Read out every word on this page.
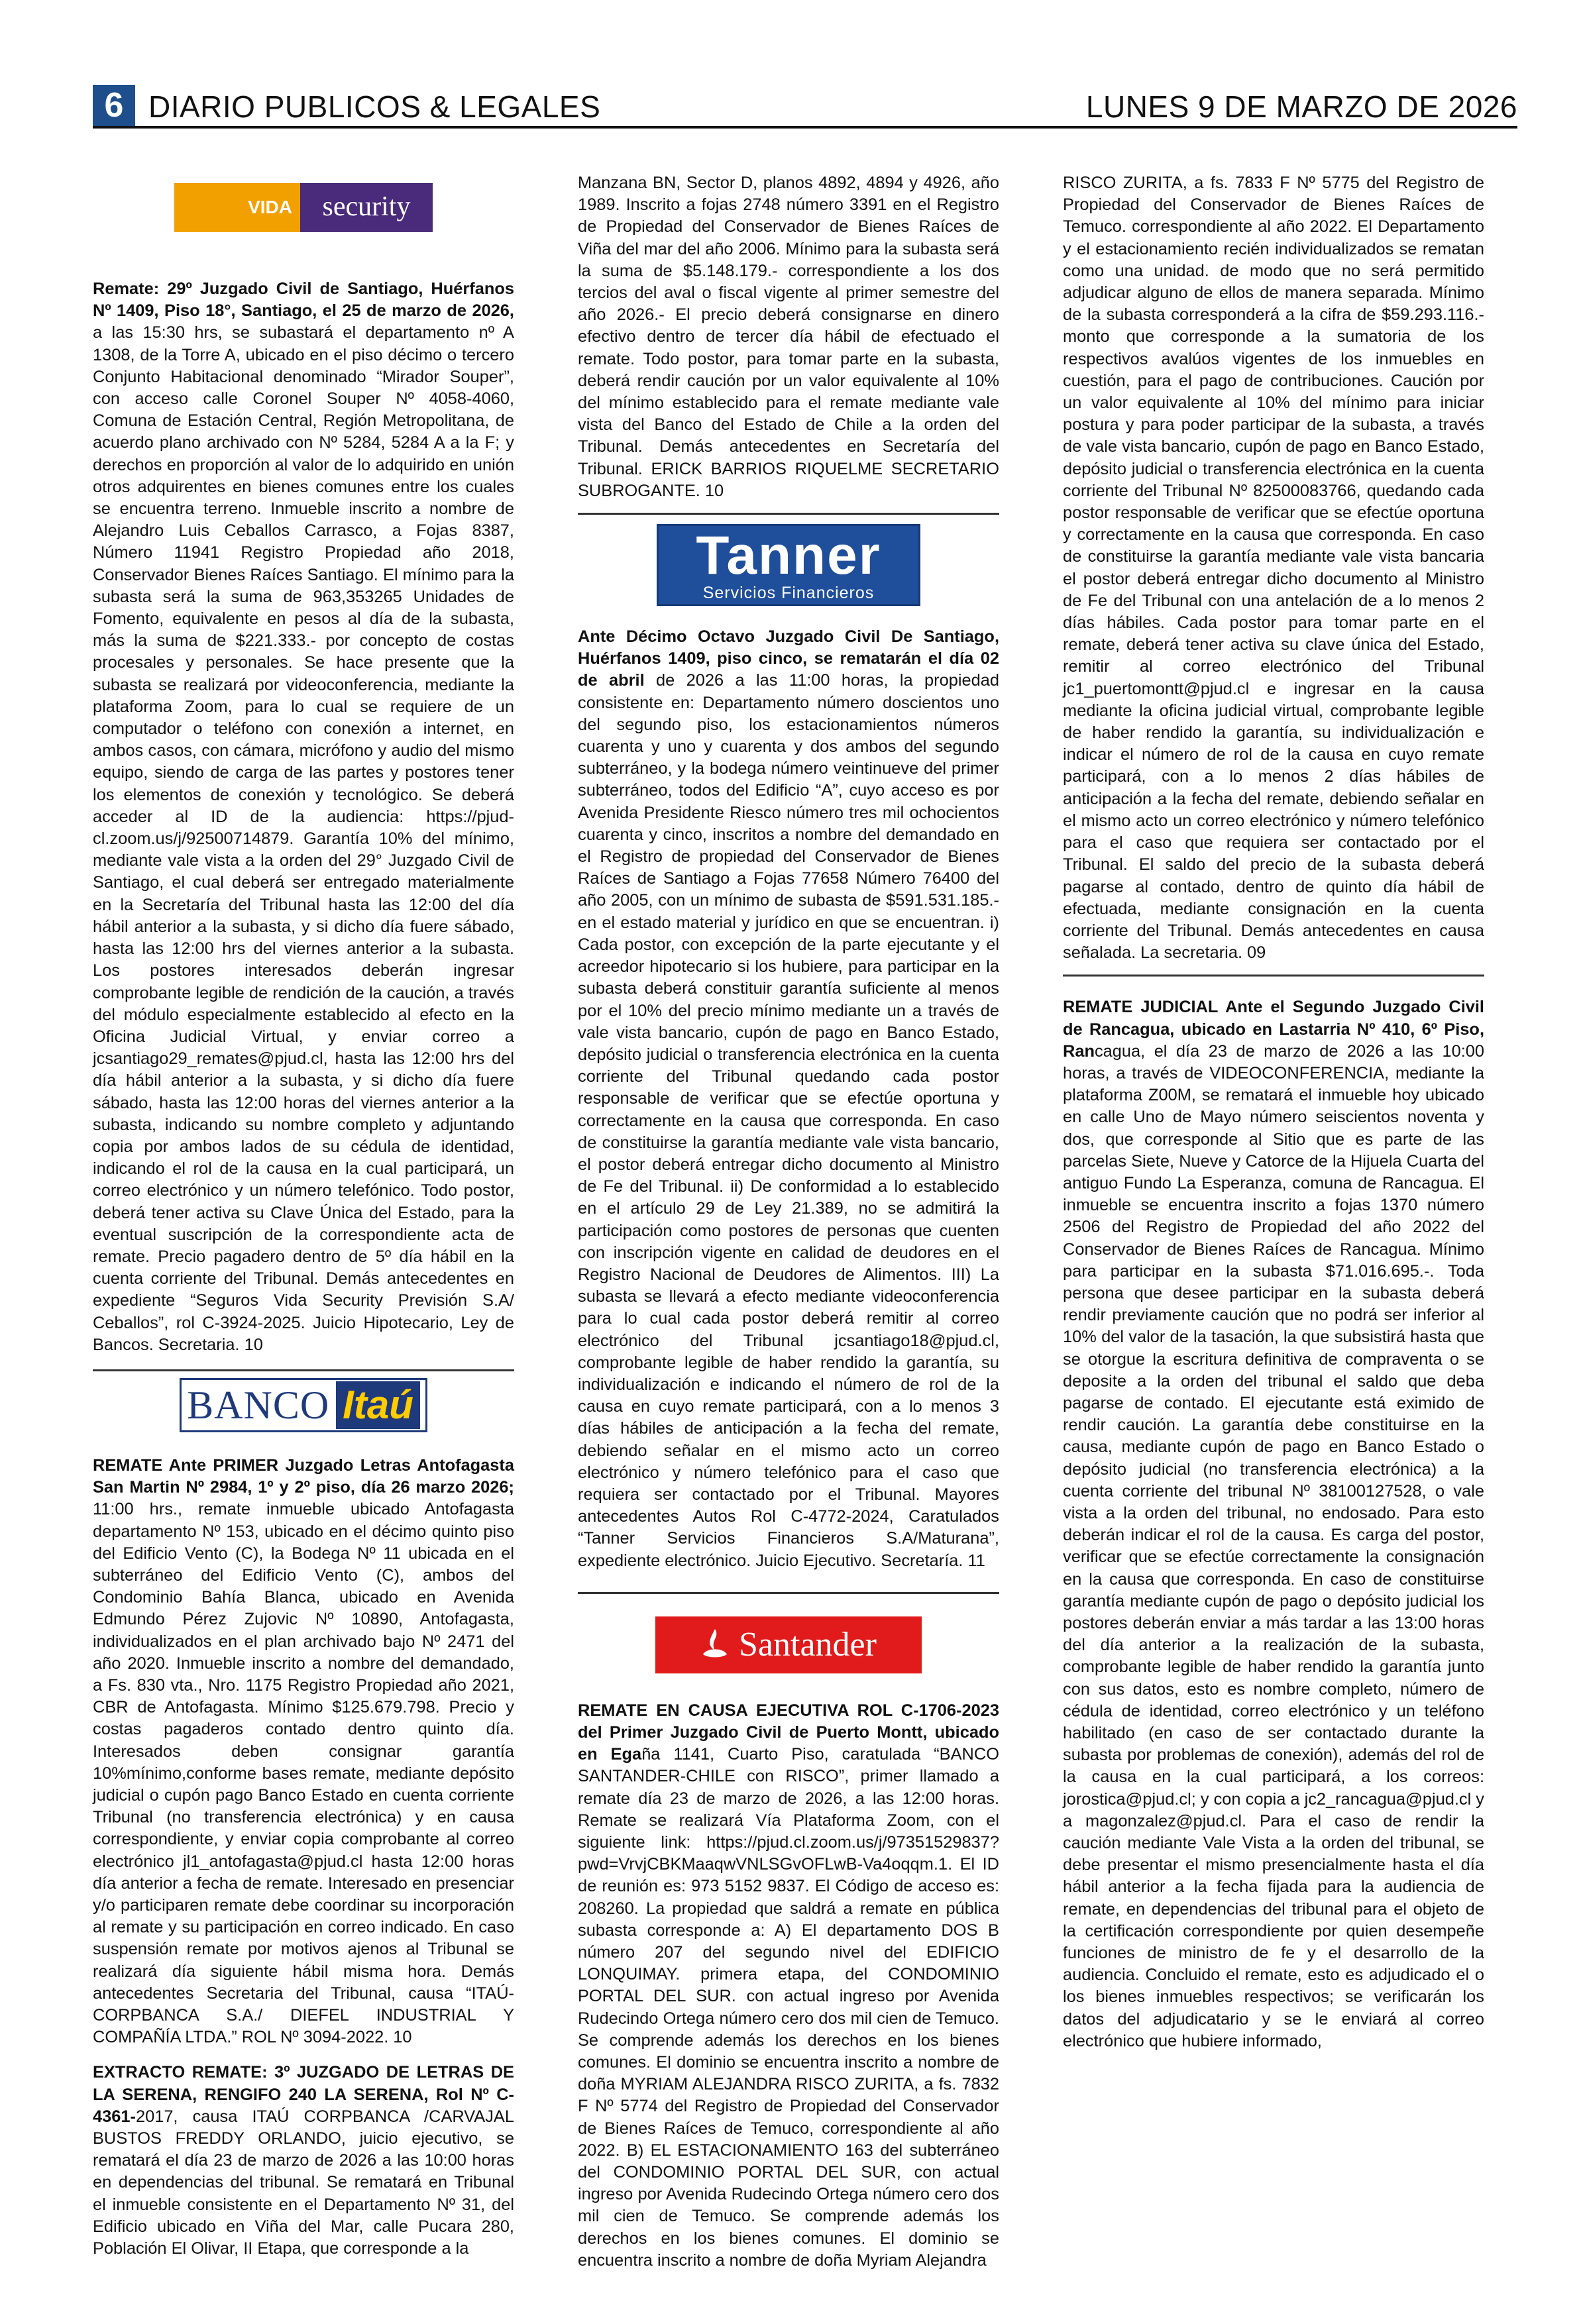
6 DIARIO PUBLICOS & LEGALES	LUNES 9 DE MARZO DE 2026
VIDA	security

Remate: 29º Juzgado Civil de Santiago, Huérfanos Nº 1409, Piso 18°, Santiago, el 25 de marzo de 2026, a las 15:30 hrs, se subastará el departamento nº A 1308, de la Torre A, ubicado en el piso décimo o tercero Conjunto Habitacional denominado “Mirador Souper”, con acceso calle Coronel Souper Nº 4058-4060, Comuna de Estación Central, Región Metropolitana, de acuerdo plano archivado con Nº 5284, 5284 A a la F; y derechos en proporción al valor de lo adquirido en unión otros adquirentes en bienes comunes entre los cuales se encuentra terreno. Inmueble inscrito a nombre de Alejandro Luis Ceballos Carrasco, a Fojas 8387, Número 11941 Registro Propiedad año 2018, Conservador Bienes Raíces Santiago. El mínimo para la subasta será la suma de 963,353265 Unidades de Fomento, equivalente en pesos al día de la subasta, más la suma de $221.333.- por concepto de costas procesales y personales. Se hace presente que la subasta se realizará por videoconferencia, mediante la plataforma Zoom, para lo cual se requiere de un computador o teléfono con conexión a internet, en ambos casos, con cámara, micrófono y audio del mismo equipo, siendo de carga de las partes y postores tener los elementos de conexión y tecnológico. Se deberá acceder al ID de la audiencia: https://pjud-cl.zoom.us/j/92500714879. Garantía 10% del mínimo, mediante vale vista a la orden del 29° Juzgado Civil de Santiago, el cual deberá ser entregado materialmente en la Secretaría del Tribunal hasta las 12:00 del día hábil anterior a la subasta, y si dicho día fuere sábado, hasta las 12:00 hrs del viernes anterior a la subasta. Los postores interesados deberán ingresar comprobante legible de rendición de la caución, a través del módulo especialmente establecido al efecto en la Oficina Judicial Virtual, y enviar correo a jcsantiago29_remates@pjud.cl, hasta las 12:00 hrs del día hábil anterior a la subasta, y si dicho día fuere sábado, hasta las 12:00 horas del viernes anterior a la subasta, indicando su nombre completo y adjuntando copia por ambos lados de su cédula de identidad, indicando el rol de la causa en la cual participará, un correo electrónico y un número telefónico. Todo postor, deberá tener activa su Clave Única del Estado, para la eventual suscripción de la correspondiente acta de remate. Precio pagadero dentro de 5º día hábil en la cuenta corriente del Tribunal. Demás antecedentes en expediente “Seguros Vida Security Previsión S.A/ Ceballos”, rol C-3924-2025. Juicio Hipotecario, Ley de Bancos. Secretaria. 10

BANCO Itaú

REMATE Ante PRIMER Juzgado Letras Antofagasta San Martin Nº 2984, 1º y 2º piso, día 26 marzo 2026; 11:00 hrs., remate inmueble ubicado Antofagasta departamento Nº 153, ubicado en el décimo quinto piso del Edificio Vento (C), la Bodega Nº 11 ubicada en el subterráneo del Edificio Vento (C), ambos del Condominio Bahía Blanca, ubicado en Avenida Edmundo Pérez Zujovic Nº 10890, Antofagasta, individualizados en el plan archivado bajo Nº 2471 del año 2020. Inmueble inscrito a nombre del demandado, a Fs. 830 vta., Nro. 1175 Registro Propiedad año 2021, CBR de Antofagasta. Mínimo $125.679.798. Precio y costas pagaderos contado dentro quinto día. Interesados deben consignar garantía 10%mínimo,conforme bases remate, mediante depósito judicial o cupón pago Banco Estado en cuenta corriente Tribunal (no transferencia electrónica) y en causa correspondiente, y enviar copia comprobante al correo electrónico jl1_antofagasta@pjud.cl hasta 12:00 horas día anterior a fecha de remate. Interesado en presenciar y/o participaren remate debe coordinar su incorporación al remate y su participación en correo indicado. En caso suspensión remate por motivos ajenos al Tribunal se realizará día siguiente hábil misma hora. Demás antecedentes Secretaria del Tribunal, causa “ITAÚ-CORPBANCA S.A./ DIEFEL INDUSTRIAL Y COMPAÑÍA LTDA.” ROL Nº 3094-2022. 10

EXTRACTO REMATE: 3º JUZGADO DE LETRAS DE LA SERENA, RENGIFO 240 LA SERENA, Rol Nº C-4361-2017, causa ITAÚ CORPBANCA /CARVAJAL BUSTOS FREDDY ORLANDO, juicio ejecutivo, se rematará el día 23 de marzo de 2026 a las 10:00 horas en dependencias del tribunal. Se rematará en Tribunal el inmueble consistente en el Departamento Nº 31, del Edificio ubicado en Viña del Mar, calle Pucara 280, Población El Olivar, II Etapa, que corresponde a la

Manzana BN, Sector D, planos 4892, 4894 y 4926, año 1989. Inscrito a fojas 2748 número 3391 en el Registro de Propiedad del Conservador de Bienes Raíces de Viña del mar del año 2006. Mínimo para la subasta será la suma de $5.148.179.- correspondiente a los dos tercios del aval o fiscal vigente al primer semestre del año 2026.- El precio deberá consignarse en dinero efectivo dentro de tercer día hábil de efectuado el remate. Todo postor, para tomar parte en la subasta, deberá rendir caución por un valor equivalente al 10% del mínimo establecido para el remate mediante vale vista del Banco del Estado de Chile a la orden del Tribunal. Demás antecedentes en Secretaría del Tribunal. ERICK BARRIOS RIQUELME SECRETARIO SUBROGANTE. 10

Tanner
Servicios Financieros

Ante Décimo Octavo Juzgado Civil De Santiago, Huérfanos 1409, piso cinco, se rematarán el día 02 de abril de 2026 a las 11:00 horas, la propiedad consistente en: Departamento número doscientos uno del segundo piso, los estacionamientos números cuarenta y uno y cuarenta y dos ambos del segundo subterráneo, y la bodega número veintinueve del primer subterráneo, todos del Edificio “A”, cuyo acceso es por Avenida Presidente Riesco número tres mil ochocientos cuarenta y cinco, inscritos a nombre del demandado en el Registro de propiedad del Conservador de Bienes Raíces de Santiago a Fojas 77658 Número 76400 del año 2005, con un mínimo de subasta de $591.531.185.- en el estado material y jurídico en que se encuentran. i) Cada postor, con excepción de la parte ejecutante y el acreedor hipotecario si los hubiere, para participar en la subasta deberá constituir garantía suficiente al menos por el 10% del precio mínimo mediante un a través de vale vista bancario, cupón de pago en Banco Estado, depósito judicial o transferencia electrónica en la cuenta corriente del Tribunal quedando cada postor responsable de verificar que se efectúe oportuna y correctamente en la causa que corresponda. En caso de constituirse la garantía mediante vale vista bancario, el postor deberá entregar dicho documento al Ministro de Fe del Tribunal. ii) De conformidad a lo establecido en el artículo 29 de Ley 21.389, no se admitirá la participación como postores de personas que cuenten con inscripción vigente en calidad de deudores en el Registro Nacional de Deudores de Alimentos. III) La subasta se llevará a efecto mediante videoconferencia para lo cual cada postor deberá remitir al correo electrónico del Tribunal jcsantiago18@pjud.cl, comprobante legible de haber rendido la garantía, su individualización e indicando el número de rol de la causa en cuyo remate participará, con a lo menos 3 días hábiles de anticipación a la fecha del remate, debiendo señalar en el mismo acto un correo electrónico y número telefónico para el caso que requiera ser contactado por el Tribunal. Mayores antecedentes Autos Rol C-4772-2024, Caratulados “Tanner Servicios Financieros S.A/Maturana”, expediente electrónico. Juicio Ejecutivo. Secretaría. 11

Santander

REMATE EN CAUSA EJECUTIVA ROL C-1706-2023 del Primer Juzgado Civil de Puerto Montt, ubicado en Egaña 1141, Cuarto Piso, caratulada “BANCO SANTANDER-CHILE con RISCO”, primer llamado a remate día 23 de marzo de 2026, a las 12:00 horas. Remate se realizará Vía Plataforma Zoom, con el siguiente link: https://pjud.cl.zoom.us/j/97351529837?pwd=VrvjCBKMaaqwVNLSGvOFLwB-Va4oqqm.1. El ID de reunión es: 973 5152 9837. El Código de acceso es: 208260. La propiedad que saldrá a remate en pública subasta corresponde a: A) El departamento DOS B número 207 del segundo nivel del EDIFICIO LONQUIMAY. primera etapa, del CONDOMINIO PORTAL DEL SUR. con actual ingreso por Avenida Rudecindo Ortega número cero dos mil cien de Temuco. Se comprende además los derechos en los bienes comunes. El dominio se encuentra inscrito a nombre de doña MYRIAM ALEJANDRA RISCO ZURITA, a fs. 7832 F Nº 5774 del Registro de Propiedad del Conservador de Bienes Raíces de Temuco, correspondiente al año 2022. B) EL ESTACIONAMIENTO 163 del subterráneo del CONDOMINIO PORTAL DEL SUR, con actual ingreso por Avenida Rudecindo Ortega número cero dos mil cien de Temuco. Se comprende además los derechos en los bienes comunes. El dominio se encuentra inscrito a nombre de doña Myriam Alejandra

RISCO ZURITA, a fs. 7833 F Nº 5775 del Registro de Propiedad del Conservador de Bienes Raíces de Temuco. correspondiente al año 2022. El Departamento y el estacionamiento recién individualizados se rematan como una unidad. de modo que no será permitido adjudicar alguno de ellos de manera separada. Mínimo de la subasta corresponderá a la cifra de $59.293.116.-monto que corresponde a la sumatoria de los respectivos avalúos vigentes de los inmuebles en cuestión, para el pago de contribuciones. Caución por un valor equivalente al 10% del mínimo para iniciar postura y para poder participar de la subasta, a través de vale vista bancario, cupón de pago en Banco Estado, depósito judicial o transferencia electrónica en la cuenta corriente del Tribunal Nº 82500083766, quedando cada postor responsable de verificar que se efectúe oportuna y correctamente en la causa que corresponda. En caso de constituirse la garantía mediante vale vista bancaria el postor deberá entregar dicho documento al Ministro de Fe del Tribunal con una antelación de a lo menos 2 días hábiles. Cada postor para tomar parte en el remate, deberá tener activa su clave única del Estado, remitir al correo electrónico del Tribunal jc1_puertomontt@pjud.cl e ingresar en la causa mediante la oficina judicial virtual, comprobante legible de haber rendido la garantía, su individualización e indicar el número de rol de la causa en cuyo remate participará, con a lo menos 2 días hábiles de anticipación a la fecha del remate, debiendo señalar en el mismo acto un correo electrónico y número telefónico para el caso que requiera ser contactado por el Tribunal. El saldo del precio de la subasta deberá pagarse al contado, dentro de quinto día hábil de efectuada, mediante consignación en la cuenta corriente del Tribunal. Demás antecedentes en causa señalada. La secretaria. 09

REMATE JUDICIAL Ante el Segundo Juzgado Civil de Rancagua, ubicado en Lastarria Nº 410, 6º Piso, Rancagua, el día 23 de marzo de 2026 a las 10:00 horas, a través de VIDEOCONFERENCIA, mediante la plataforma Z00M, se rematará el inmueble hoy ubicado en calle Uno de Mayo número seiscientos noventa y dos, que corresponde al Sitio que es parte de las parcelas Siete, Nueve y Catorce de la Hijuela Cuarta del antiguo Fundo La Esperanza, comuna de Rancagua. El inmueble se encuentra inscrito a fojas 1370 número 2506 del Registro de Propiedad del año 2022 del Conservador de Bienes Raíces de Rancagua. Mínimo para participar en la subasta $71.016.695.-. Toda persona que desee participar en la subasta deberá rendir previamente caución que no podrá ser inferior al 10% del valor de la tasación, la que subsistirá hasta que se otorgue la escritura definitiva de compraventa o se deposite a la orden del tribunal el saldo que deba pagarse de contado. El ejecutante está eximido de rendir caución. La garantía debe constituirse en la causa, mediante cupón de pago en Banco Estado o depósito judicial (no transferencia electrónica) a la cuenta corriente del tribunal Nº 38100127528, o vale vista a la orden del tribunal, no endosado. Para esto deberán indicar el rol de la causa. Es carga del postor, verificar que se efectúe correctamente la consignación en la causa que corresponda. En caso de constituirse garantía mediante cupón de pago o depósito judicial los postores deberán enviar a más tardar a las 13:00 horas del día anterior a la realización de la subasta, comprobante legible de haber rendido la garantía junto con sus datos, esto es nombre completo, número de cédula de identidad, correo electrónico y un teléfono habilitado (en caso de ser contactado durante la subasta por problemas de conexión), además del rol de la causa en la cual participará, a los correos: jorostica@pjud.cl; y con copia a jc2_rancagua@pjud.cl y a magonzalez@pjud.cl. Para el caso de rendir la caución mediante Vale Vista a la orden del tribunal, se debe presentar el mismo presencialmente hasta el día hábil anterior a la fecha fijada para la audiencia de remate, en dependencias del tribunal para el objeto de la certificación correspondiente por quien desempeñe funciones de ministro de fe y el desarrollo de la audiencia. Concluido el remate, esto es adjudicado el o los bienes inmuebles respectivos; se verificarán los datos del adjudicatario y se le enviará al correo electrónico que hubiere informado,
